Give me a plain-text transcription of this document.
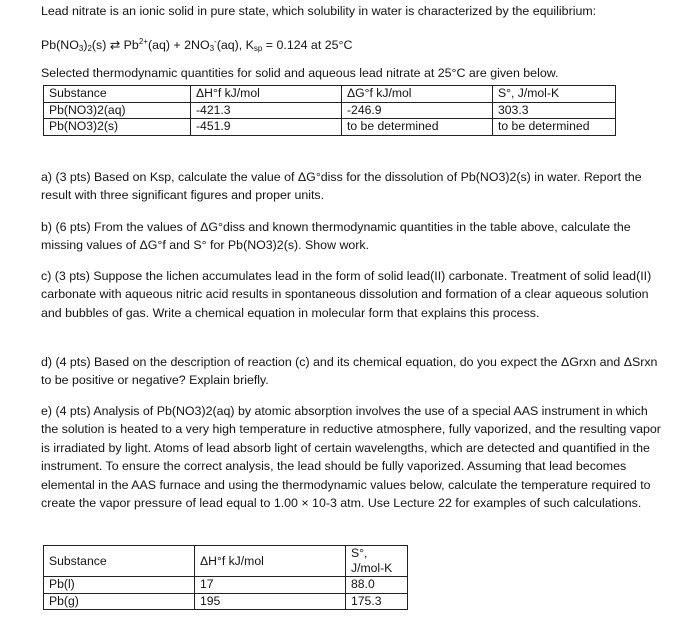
Lead nitrate is an ionic solid in pure state, which solubility in water is characterized by the equilibrium:
$Pb(NO_3)_2(s)$ ⇄ $Pb^{2+}(aq) + 2NO_3^-(aq)$, $K_{sp} = 0.124$ at 25°C
Selected thermodynamic quantities for solid and aqueous lead nitrate at 25°C are given below.
Substance	ΔH°f kJ/mol	ΔG°f kJ/mol	S°, J/mol-K
Pb(NO3)2(aq)	-421.3	-246.9	303.3
Pb(NO3)2(s)	-451.9	to be determined	to be determined
a) (3 pts) Based on Ksp, calculate the value of ΔG°diss for the dissolution of Pb(NO3)2(s) in water. Report the result with three significant figures and proper units.
b) (6 pts) From the values of ΔG°diss and known thermodynamic quantities in the table above, calculate the missing values of ΔG°f and S° for Pb(NO3)2(s). Show work.
c) (3 pts) Suppose the lichen accumulates lead in the form of solid lead(II) carbonate. Treatment of solid lead(II) carbonate with aqueous nitric acid results in spontaneous dissolution and formation of a clear aqueous solution and bubbles of gas. Write a chemical equation in molecular form that explains this process.
d) (4 pts) Based on the description of reaction (c) and its chemical equation, do you expect the ΔGrxn and ΔSrxn to be positive or negative? Explain briefly.
e) (4 pts) Analysis of Pb(NO3)2(aq) by atomic absorption involves the use of a special AAS instrument in which the solution is heated to a very high temperature in reductive atmosphere, fully vaporized, and the resulting vapor is irradiated by light. Atoms of lead absorb light of certain wavelengths, which are detected and quantified in the instrument. To ensure the correct analysis, the lead should be fully vaporized. Assuming that lead becomes elemental in the AAS furnace and using the thermodynamic values below, calculate the temperature required to create the vapor pressure of lead equal to 1.00 × 10-3 atm. Use Lecture 22 for examples of such calculations.
Substance	ΔH°f kJ/mol	S°, J/mol-K
Pb(l)	17	88.0
Pb(g)	195	175.3
